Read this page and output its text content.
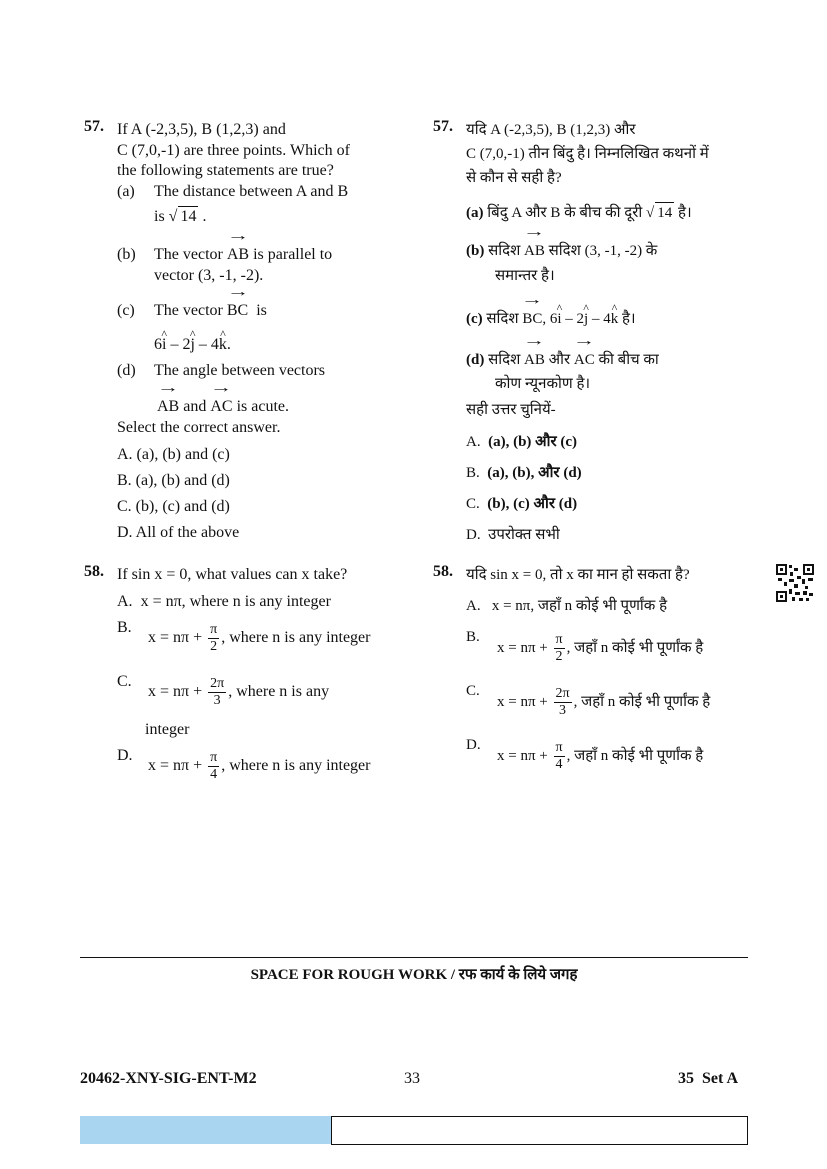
57. If A (-2,3,5), B (1,2,3) and
C (7,0,-1) are three points. Which of
the following statements are true?
(a) The distance between A and B
is √ 14 .
(b) The vector → AB is parallel to
vector (3, -1, -2).
(c) The vector → BC is
6^ i – 2^ j – 4^ k.
(d) The angle between vectors
→ AB and → AC is acute.
Select the correct answer.
A. (a), (b) and (c)
B. (a), (b) and (d)
C. (b), (c) and (d)
D. All of the above
57. यदि A (-2,3,5), B (1,2,3) और
C (7,0,-1) तीन बिंदु है। निम्नलिखित कथनों में
से कौन से सही है?
(a) बिंदु A और B के बीच की दूरी √ 14 है।
(b) सदिश → AB सदिश (3, -1, -2) के
समान्तर है।
(c) सदिश → BC, 6^ i – 2^ j – 4^ k है।
(d) सदिश → AB और → AC की बीच का
कोण न्यूनकोण है।
सही उत्तर चुनियें-
A. (a), (b) और (c)
B. (a), (b), और (d)
C. (b), (c) और (d)
D. उपरोक्त सभी
58. If sin x = 0, what values can x take?
A. x = nπ, where n is any integer
B.
$x = n\pi + \frac{\pi}{2}$ , where n is any integer
C.
$x = n\pi + \frac{2\pi}{3}$ , where n is any
integer
D.
$x = n\pi + \frac{\pi}{4}$ , where n is any integer
58. यदि sin x = 0, तो x का मान हो सकता है?
A. x = nπ, जहाँ n कोई भी पूर्णांक है
B.
$x = n\pi + \frac{\pi}{2}$ , जहाँ n कोई भी पूर्णांक है
C.
$x = n\pi + \frac{2\pi}{3}$ , जहाँ n कोई भी पूर्णांक है
D.
$x = n\pi + \frac{\pi}{4}$ , जहाँ n कोई भी पूर्णांक है
SPACE FOR ROUGH WORK / रफ कार्य के लिये जगह
20462-XNY-SIG-ENT-M2	33	35 Set A
